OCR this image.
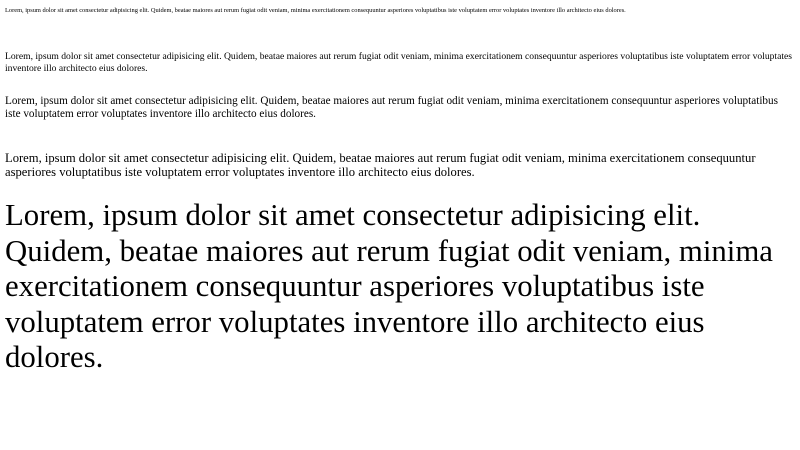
Lorem, ipsum dolor sit amet consectetur adipisicing elit. Quidem, beatae maiores aut rerum fugiat odit veniam, minima exercitationem consequuntur asperiores voluptatibus iste voluptatem error voluptates inventore illo architecto eius dolores.

Lorem, ipsum dolor sit amet consectetur adipisicing elit. Quidem, beatae maiores aut rerum fugiat odit veniam, minima exercitationem consequuntur asperiores voluptatibus iste voluptatem error voluptates inventore illo architecto eius dolores.

Lorem, ipsum dolor sit amet consectetur adipisicing elit. Quidem, beatae maiores aut rerum fugiat odit veniam, minima exercitationem consequuntur asperiores voluptatibus iste voluptatem error voluptates inventore illo architecto eius dolores.

Lorem, ipsum dolor sit amet consectetur adipisicing elit. Quidem, beatae maiores aut rerum fugiat odit veniam, minima exercitationem consequuntur asperiores voluptatibus iste voluptatem error voluptates inventore illo architecto eius dolores.

Lorem, ipsum dolor sit amet consectetur adipisicing elit. Quidem, beatae maiores aut rerum fugiat odit veniam, minima exercitationem consequuntur asperiores voluptatibus iste voluptatem error voluptates inventore illo architecto eius dolores.
